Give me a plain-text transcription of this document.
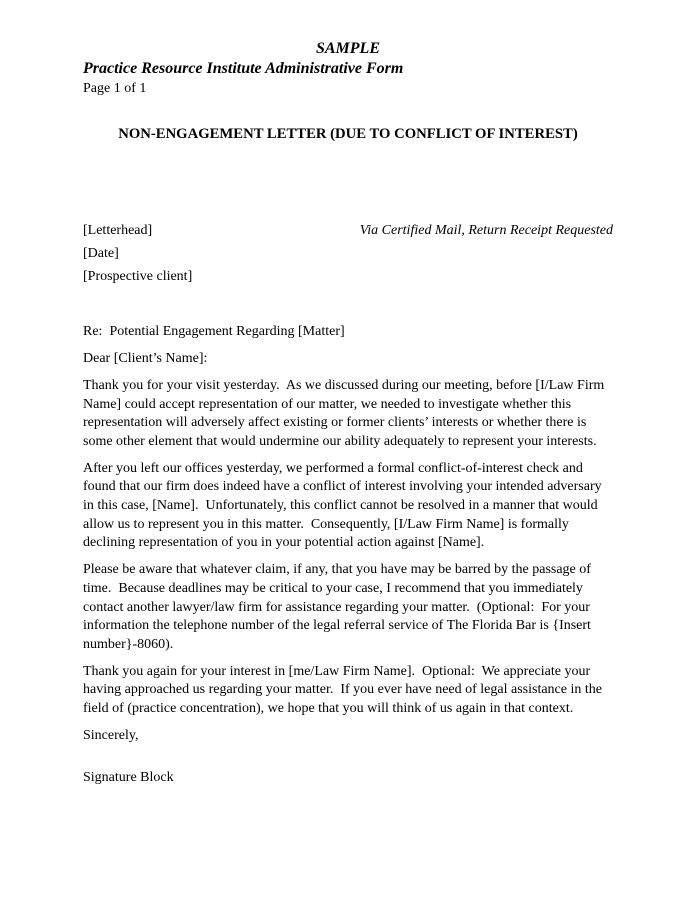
SAMPLE
Practice Resource Institute Administrative Form
Page 1 of 1
NON-ENGAGEMENT LETTER (DUE TO CONFLICT OF INTEREST)
[Letterhead]	Via Certified Mail, Return Receipt Requested
[Date]
[Prospective client]
Re:  Potential Engagement Regarding [Matter]
Dear [Client’s Name]:

Thank you for your visit yesterday.  As we discussed during our meeting, before [I/Law Firm Name] could accept representation of our matter, we needed to investigate whether this representation will adversely affect existing or former clients’ interests or whether there is some other element that would undermine our ability adequately to represent your interests.

After you left our offices yesterday, we performed a formal conflict-of-interest check and found that our firm does indeed have a conflict of interest involving your intended adversary in this case, [Name].  Unfortunately, this conflict cannot be resolved in a manner that would allow us to represent you in this matter.  Consequently, [I/Law Firm Name] is formally declining representation of you in your potential action against [Name].

Please be aware that whatever claim, if any, that you have may be barred by the passage of time.  Because deadlines may be critical to your case, I recommend that you immediately contact another lawyer/law firm for assistance regarding your matter.  (Optional:  For your information the telephone number of the legal referral service of The Florida Bar is {Insert number}-8060).

Thank you again for your interest in [me/Law Firm Name].  Optional:  We appreciate your having approached us regarding your matter.  If you ever have need of legal assistance in the field of (practice concentration), we hope that you will think of us again in that context.

Sincerely,
Signature Block
